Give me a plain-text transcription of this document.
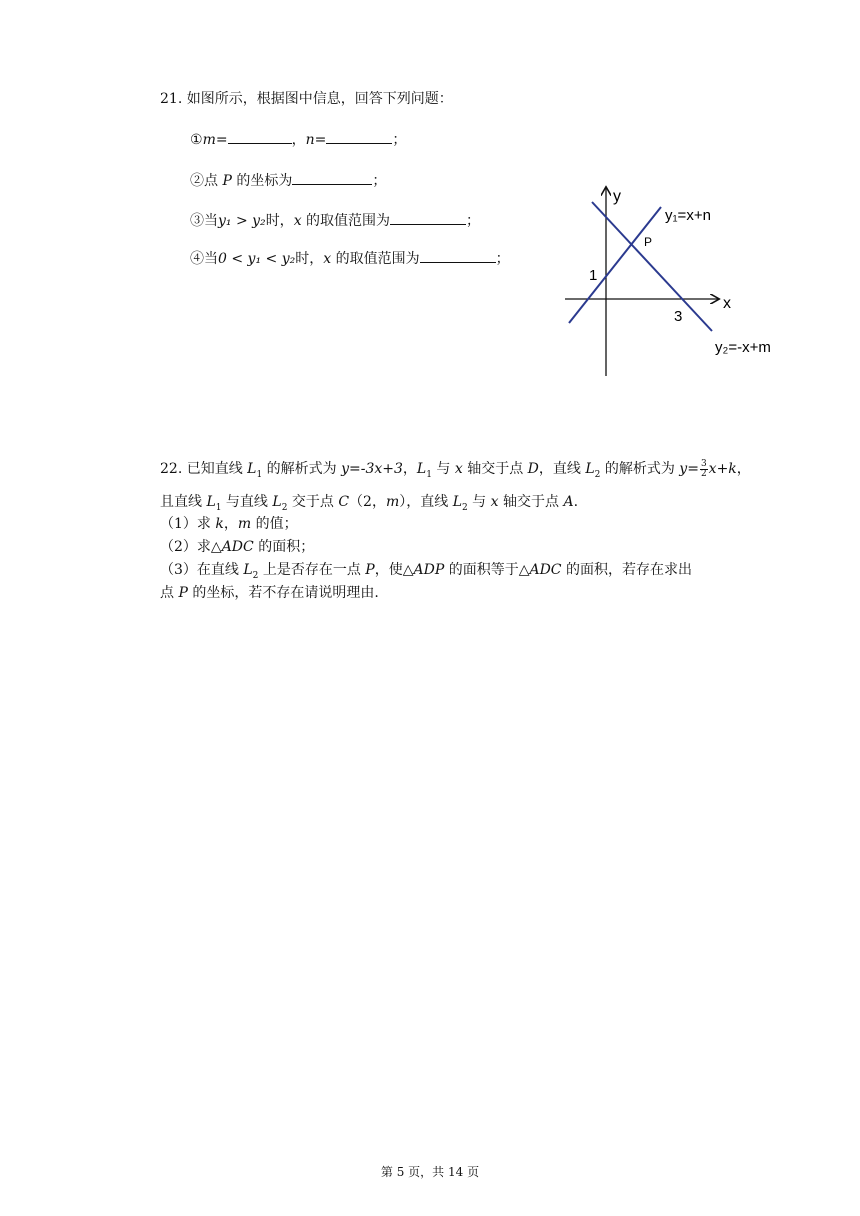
21. 如图所示，根据图中信息，回答下列问题：
①m=	，n=	；
②点 P 的坐标为	；
③当y₁ > y₂时，x 的取值范围为	；
④当0 < y₁ < y₂时，x 的取值范围为	；
y
x
y₁=x+n
y₂=-x+m
P
1
3
22. 已知直线 $L_1$ 的解析式为 y=-3x+3，$L_1$ 与 x 轴交于点 D，直线 $L_2$ 的解析式为 $y= \frac{3}{2} x+k$，
且直线 $L_1$ 与直线 $L_2$ 交于点 C（2，m），直线 $L_2$ 与 x 轴交于点 A.
（1）求 k，m 的值；
（2）求△ADC 的面积；
（3）在直线 $L_2$ 上是否存在一点 P，使△ADP 的面积等于△ADC 的面积，若存在求出
点 P 的坐标，若不存在请说明理由.
第 5 页，共 14 页
